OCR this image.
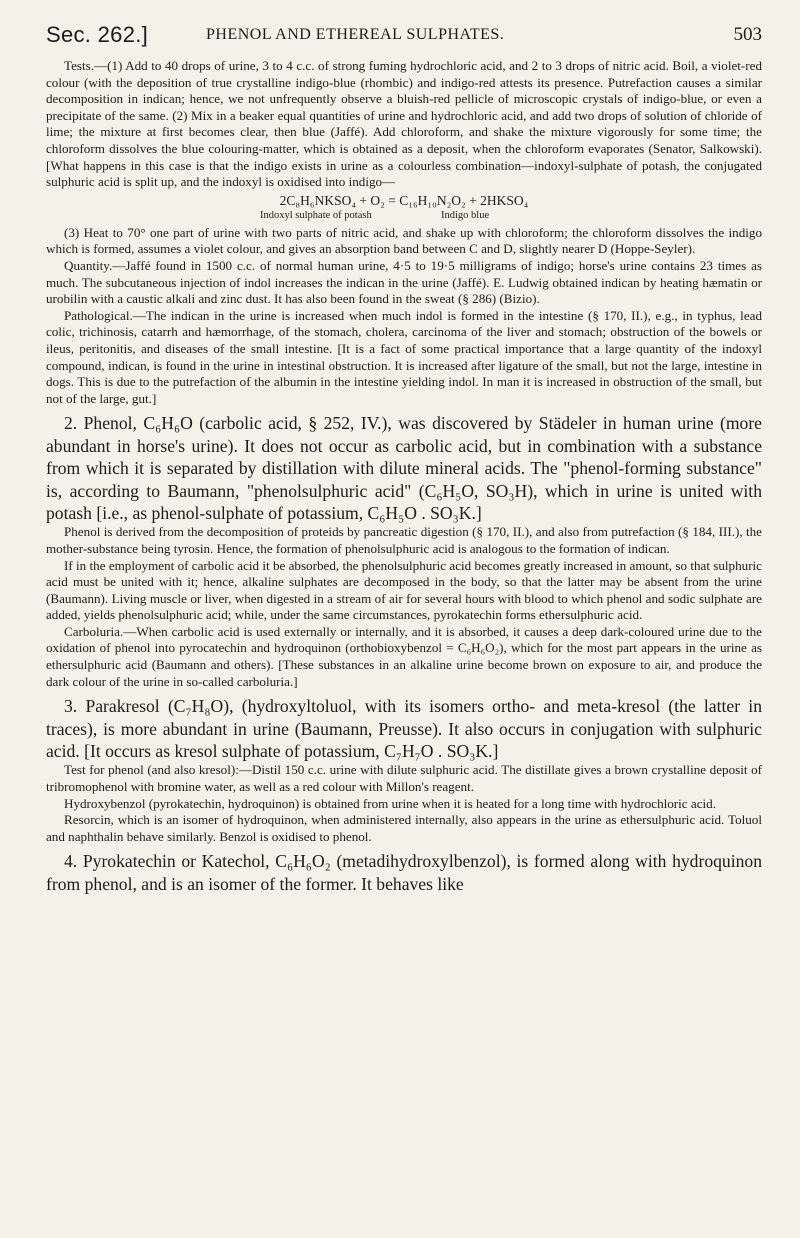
Sec. 262.]	PHENOL AND ETHEREAL SULPHATES.	503

Tests.—(1) Add to 40 drops of urine, 3 to 4 c.c. of strong fuming hydrochloric acid, and 2 to 3 drops of nitric acid. Boil, a violet-red colour (with the deposition of true crystalline indigo-blue (rhombic) and indigo-red attests its presence. Putrefaction causes a similar decomposition in indican; hence, we not unfrequently observe a bluish-red pellicle of microscopic crystals of indigo-blue, or even a precipitate of the same. (2) Mix in a beaker equal quantities of urine and hydrochloric acid, and add two drops of solution of chloride of lime; the mixture at first becomes clear, then blue (Jaffé). Add chloroform, and shake the mixture vigorously for some time; the chloroform dissolves the blue colouring-matter, which is obtained as a deposit, when the chloroform evaporates (Senator, Salkowski). [What happens in this case is that the indigo exists in urine as a colourless combination—indoxyl-sulphate of potash, the conjugated sulphuric acid is split up, and the indoxyl is oxidised into indigo—

2C₈H₆NKSO₄ + O₂ = C₁₆H₁₀N₂O₂ + 2HKSO₄
Indoxyl sulphate of potash	Indigo blue

(3) Heat to 70° one part of urine with two parts of nitric acid, and shake up with chloroform; the chloroform dissolves the indigo which is formed, assumes a violet colour, and gives an absorption band between C and D, slightly nearer D (Hoppe-Seyler).

Quantity.—Jaffé found in 1500 c.c. of normal human urine, 4·5 to 19·5 milligrams of indigo; horse's urine contains 23 times as much. The subcutaneous injection of indol increases the indican in the urine (Jaffé). E. Ludwig obtained indican by heating hæmatin or urobilin with a caustic alkali and zinc dust. It has also been found in the sweat (§ 286) (Bizio).

Pathological.—The indican in the urine is increased when much indol is formed in the intestine (§ 170, II.), e.g., in typhus, lead colic, trichinosis, catarrh and hæmorrhage, of the stomach, cholera, carcinoma of the liver and stomach; obstruction of the bowels or ileus, peritonitis, and diseases of the small intestine. [It is a fact of some practical importance that a large quantity of the indoxyl compound, indican, is found in the urine in intestinal obstruction. It is increased after ligature of the small, but not the large, intestine in dogs. This is due to the putrefaction of the albumin in the intestine yielding indol. In man it is increased in obstruction of the small, but not of the large, gut.]

2. Phenol, C₆H₆O (carbolic acid, § 252, IV.), was discovered by Städeler in human urine (more abundant in horse's urine). It does not occur as carbolic acid, but in combination with a substance from which it is separated by distillation with dilute mineral acids. The "phenol-forming substance" is, according to Baumann, "phenolsulphuric acid" (C₆H₅O, SO₃H), which in urine is united with potash [i.e., as phenol-sulphate of potassium, C₆H₅O . SO₃K.]

Phenol is derived from the decomposition of proteids by pancreatic digestion (§ 170, II.), and also from putrefaction (§ 184, III.), the mother-substance being tyrosin. Hence, the formation of phenolsulphuric acid is analogous to the formation of indican.

If in the employment of carbolic acid it be absorbed, the phenolsulphuric acid becomes greatly increased in amount, so that sulphuric acid must be united with it; hence, alkaline sulphates are decomposed in the body, so that the latter may be absent from the urine (Baumann). Living muscle or liver, when digested in a stream of air for several hours with blood to which phenol and sodic sulphate are added, yields phenolsulphuric acid; while, under the same circumstances, pyrokatechin forms ethersulphuric acid.

Carboluria.—When carbolic acid is used externally or internally, and it is absorbed, it causes a deep dark-coloured urine due to the oxidation of phenol into pyrocatechin and hydroquinon (orthobioxybenzol = C₆H₆O₂), which for the most part appears in the urine as ethersulphuric acid (Baumann and others). [These substances in an alkaline urine become brown on exposure to air, and produce the dark colour of the urine in so-called carboluria.]

3. Parakresol (C₇H₈O), (hydroxyltoluol, with its isomers ortho- and meta-kresol (the latter in traces), is more abundant in urine (Baumann, Preusse). It also occurs in conjugation with sulphuric acid. [It occurs as kresol sulphate of potassium, C₇H₇O . SO₃K.]

Test for phenol (and also kresol):—Distil 150 c.c. urine with dilute sulphuric acid. The distillate gives a brown crystalline deposit of tribromophenol with bromine water, as well as a red colour with Millon's reagent.

Hydroxybenzol (pyrokatechin, hydroquinon) is obtained from urine when it is heated for a long time with hydrochloric acid.

Resorcin, which is an isomer of hydroquinon, when administered internally, also appears in the urine as ethersulphuric acid. Toluol and naphthalin behave similarly. Benzol is oxidised to phenol.

4. Pyrokatechin or Katechol, C₆H₆O₂ (metadihydroxylbenzol), is formed along with hydroquinon from phenol, and is an isomer of the former. It behaves like
